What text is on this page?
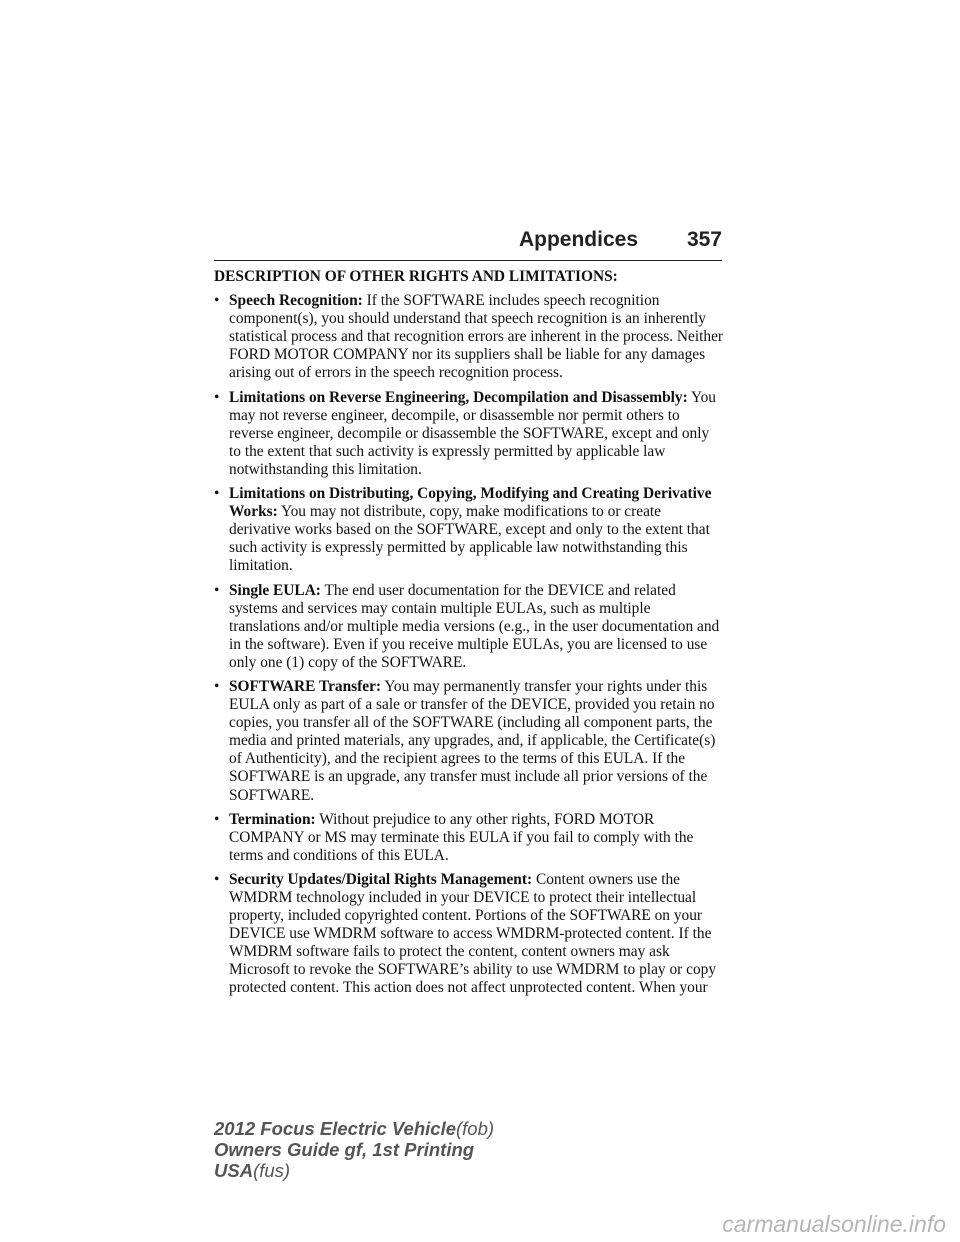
Appendices 357
DESCRIPTION OF OTHER RIGHTS AND LIMITATIONS:
• Speech Recognition: If the SOFTWARE includes speech recognition component(s), you should understand that speech recognition is an inherently statistical process and that recognition errors are inherent in the process. Neither FORD MOTOR COMPANY nor its suppliers shall be liable for any damages arising out of errors in the speech recognition process.
• Limitations on Reverse Engineering, Decompilation and Disassembly: You may not reverse engineer, decompile, or disassemble nor permit others to reverse engineer, decompile or disassemble the SOFTWARE, except and only to the extent that such activity is expressly permitted by applicable law notwithstanding this limitation.
• Limitations on Distributing, Copying, Modifying and Creating Derivative Works: You may not distribute, copy, make modifications to or create derivative works based on the SOFTWARE, except and only to the extent that such activity is expressly permitted by applicable law notwithstanding this limitation.
• Single EULA: The end user documentation for the DEVICE and related systems and services may contain multiple EULAs, such as multiple translations and/or multiple media versions (e.g., in the user documentation and in the software). Even if you receive multiple EULAs, you are licensed to use only one (1) copy of the SOFTWARE.
• SOFTWARE Transfer: You may permanently transfer your rights under this EULA only as part of a sale or transfer of the DEVICE, provided you retain no copies, you transfer all of the SOFTWARE (including all component parts, the media and printed materials, any upgrades, and, if applicable, the Certificate(s) of Authenticity), and the recipient agrees to the terms of this EULA. If the SOFTWARE is an upgrade, any transfer must include all prior versions of the SOFTWARE.
• Termination: Without prejudice to any other rights, FORD MOTOR COMPANY or MS may terminate this EULA if you fail to comply with the terms and conditions of this EULA.
• Security Updates/Digital Rights Management: Content owners use the WMDRM technology included in your DEVICE to protect their intellectual property, included copyrighted content. Portions of the SOFTWARE on your DEVICE use WMDRM software to access WMDRM-protected content. If the WMDRM software fails to protect the content, content owners may ask Microsoft to revoke the SOFTWARE’s ability to use WMDRM to play or copy protected content. This action does not affect unprotected content. When your
2012 Focus Electric Vehicle(fob)
Owners Guide gf, 1st Printing
USA(fus)
carmanualsonline.info
